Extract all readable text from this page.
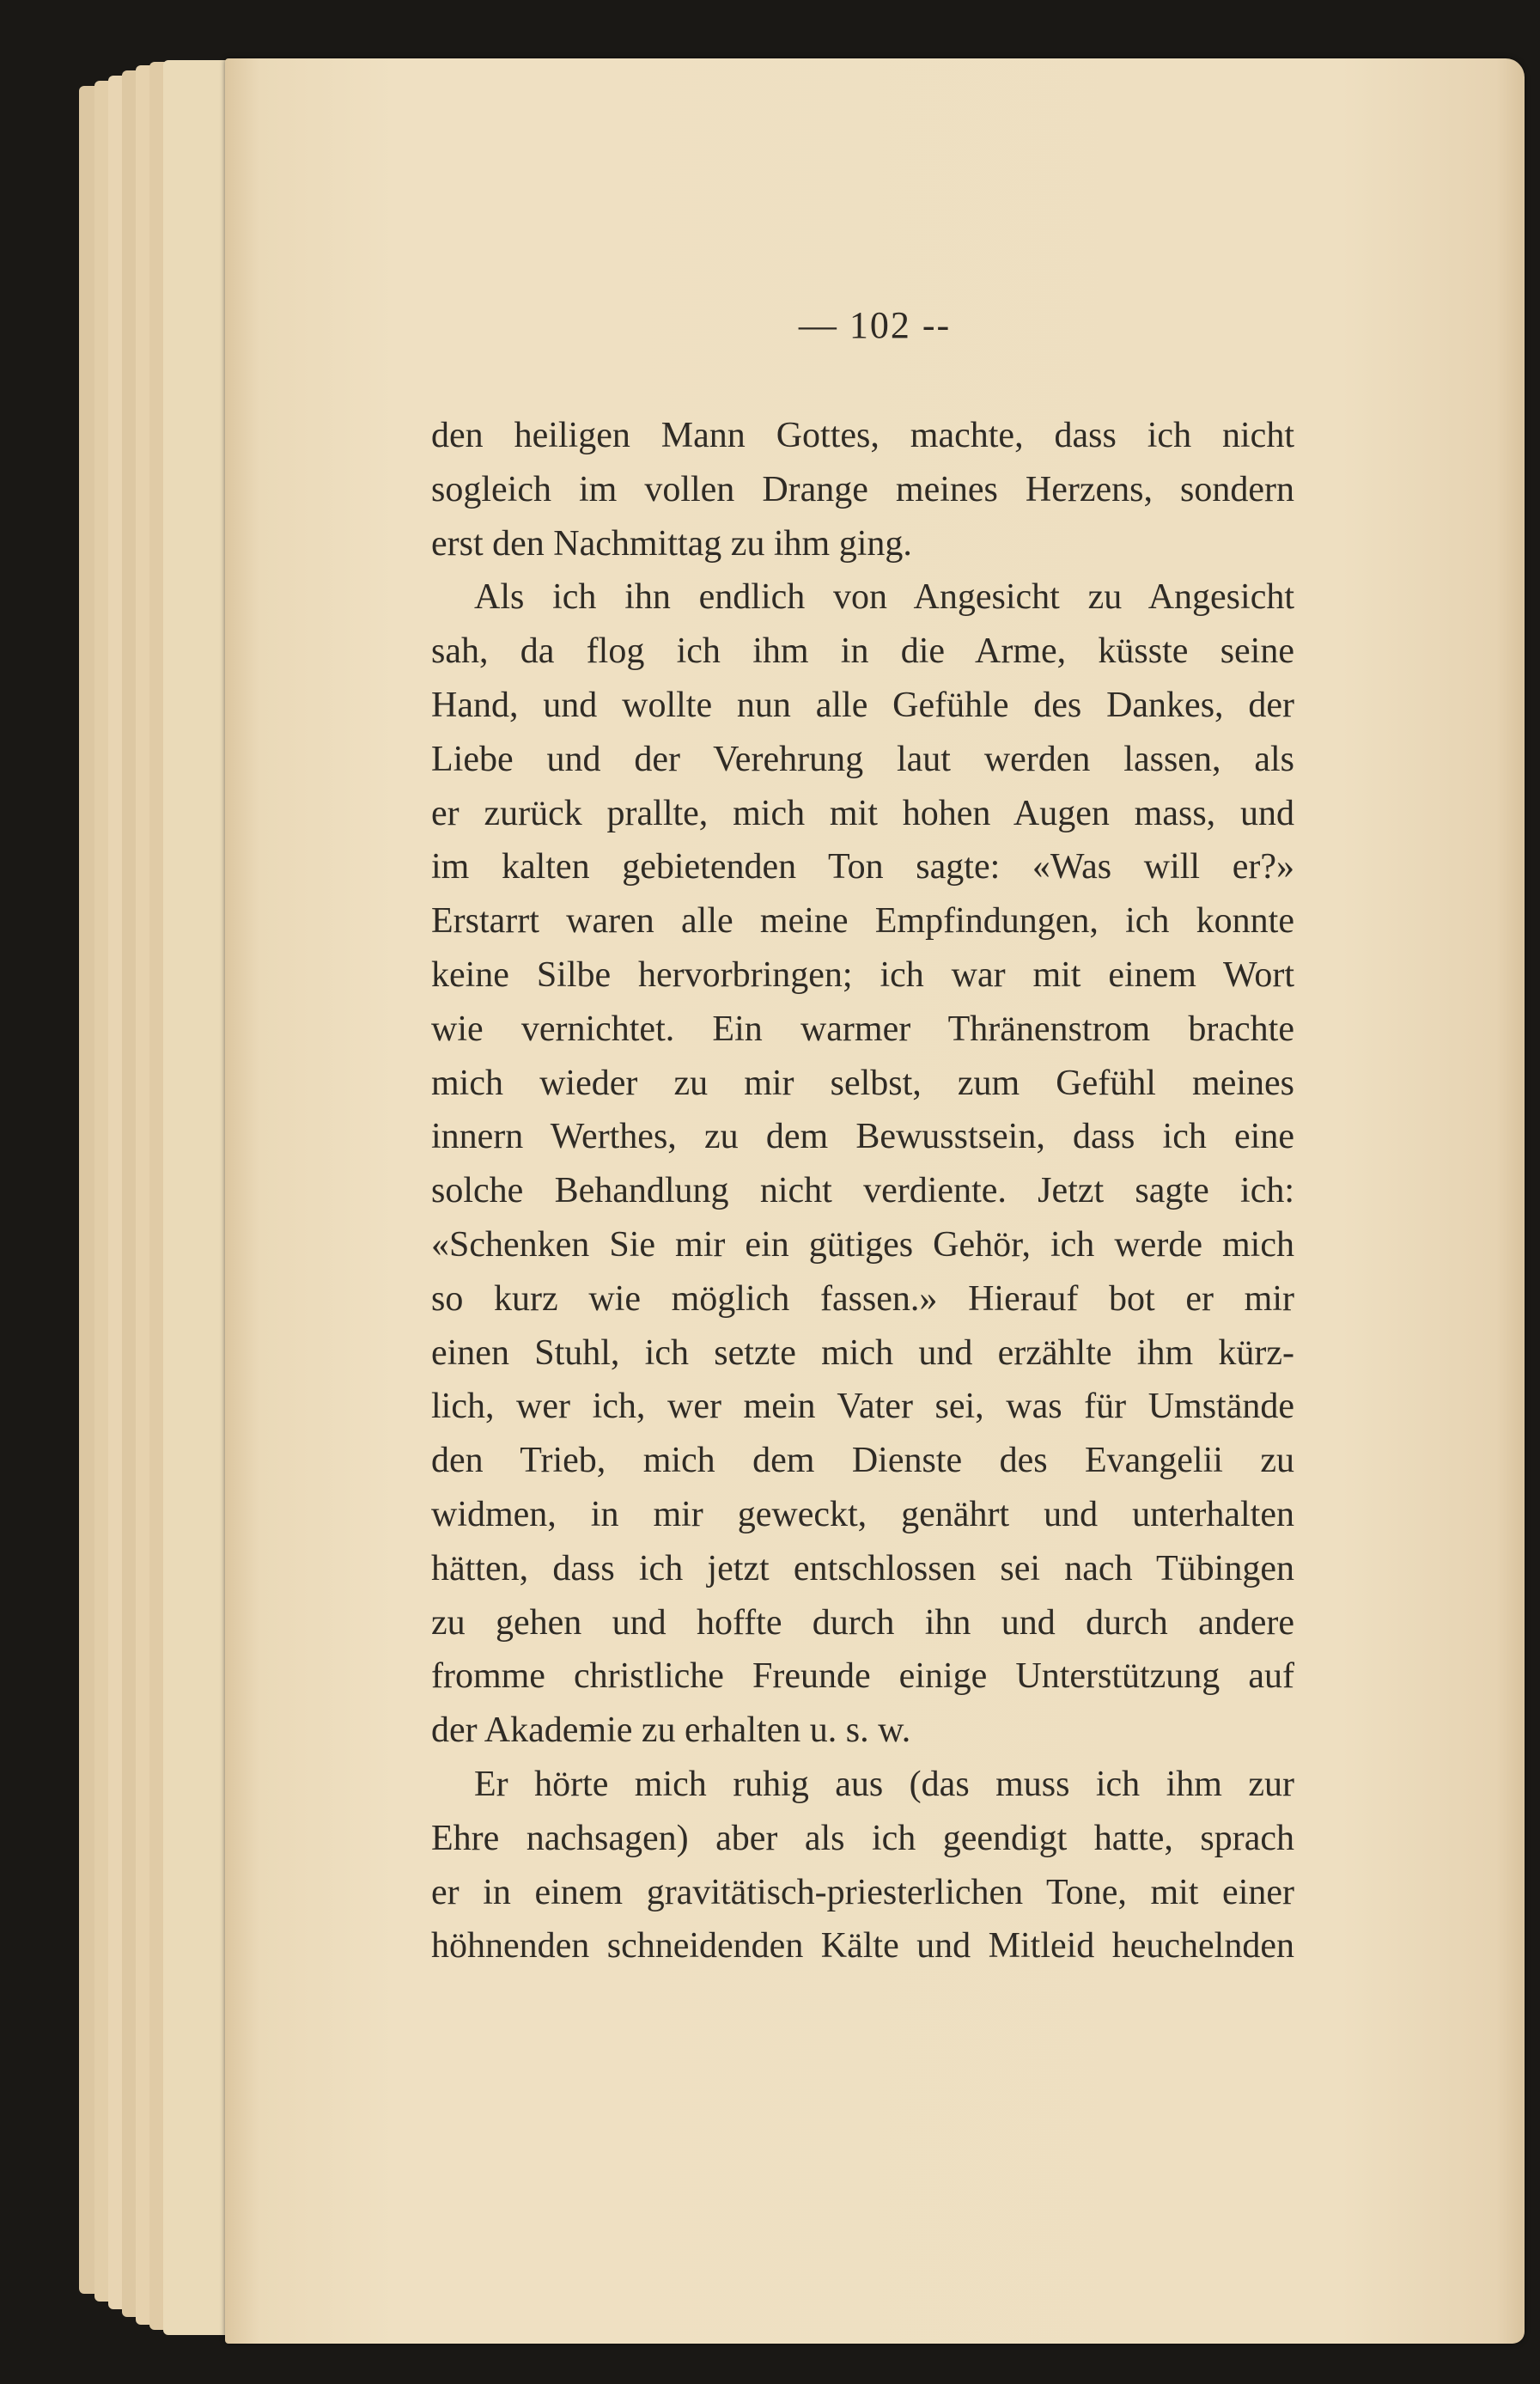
— 102 --
den heiligen Mann Gottes, machte, dass ich nicht
sogleich im vollen Drange meines Herzens, sondern
erst den Nachmittag zu ihm ging.
Als ich ihn endlich von Angesicht zu Angesicht
sah, da flog ich ihm in die Arme, küsste seine
Hand, und wollte nun alle Gefühle des Dankes, der
Liebe und der Verehrung laut werden lassen, als
er zurück prallte, mich mit hohen Augen mass, und
im kalten gebietenden Ton sagte: «Was will er?»
Erstarrt waren alle meine Empfindungen, ich konnte
keine Silbe hervorbringen; ich war mit einem Wort
wie vernichtet. Ein warmer Thränenstrom brachte
mich wieder zu mir selbst, zum Gefühl meines
innern Werthes, zu dem Bewusstsein, dass ich eine
solche Behandlung nicht verdiente. Jetzt sagte ich:
«Schenken Sie mir ein gütiges Gehör, ich werde mich
so kurz wie möglich fassen.» Hierauf bot er mir
einen Stuhl, ich setzte mich und erzählte ihm kürz-
lich, wer ich, wer mein Vater sei, was für Umstände
den Trieb, mich dem Dienste des Evangelii zu
widmen, in mir geweckt, genährt und unterhalten
hätten, dass ich jetzt entschlossen sei nach Tübingen
zu gehen und hoffte durch ihn und durch andere
fromme christliche Freunde einige Unterstützung auf
der Akademie zu erhalten u. s. w.
Er hörte mich ruhig aus (das muss ich ihm zur
Ehre nachsagen) aber als ich geendigt hatte, sprach
er in einem gravitätisch-priesterlichen Tone, mit einer
höhnenden schneidenden Kälte und Mitleid heuchelnden
